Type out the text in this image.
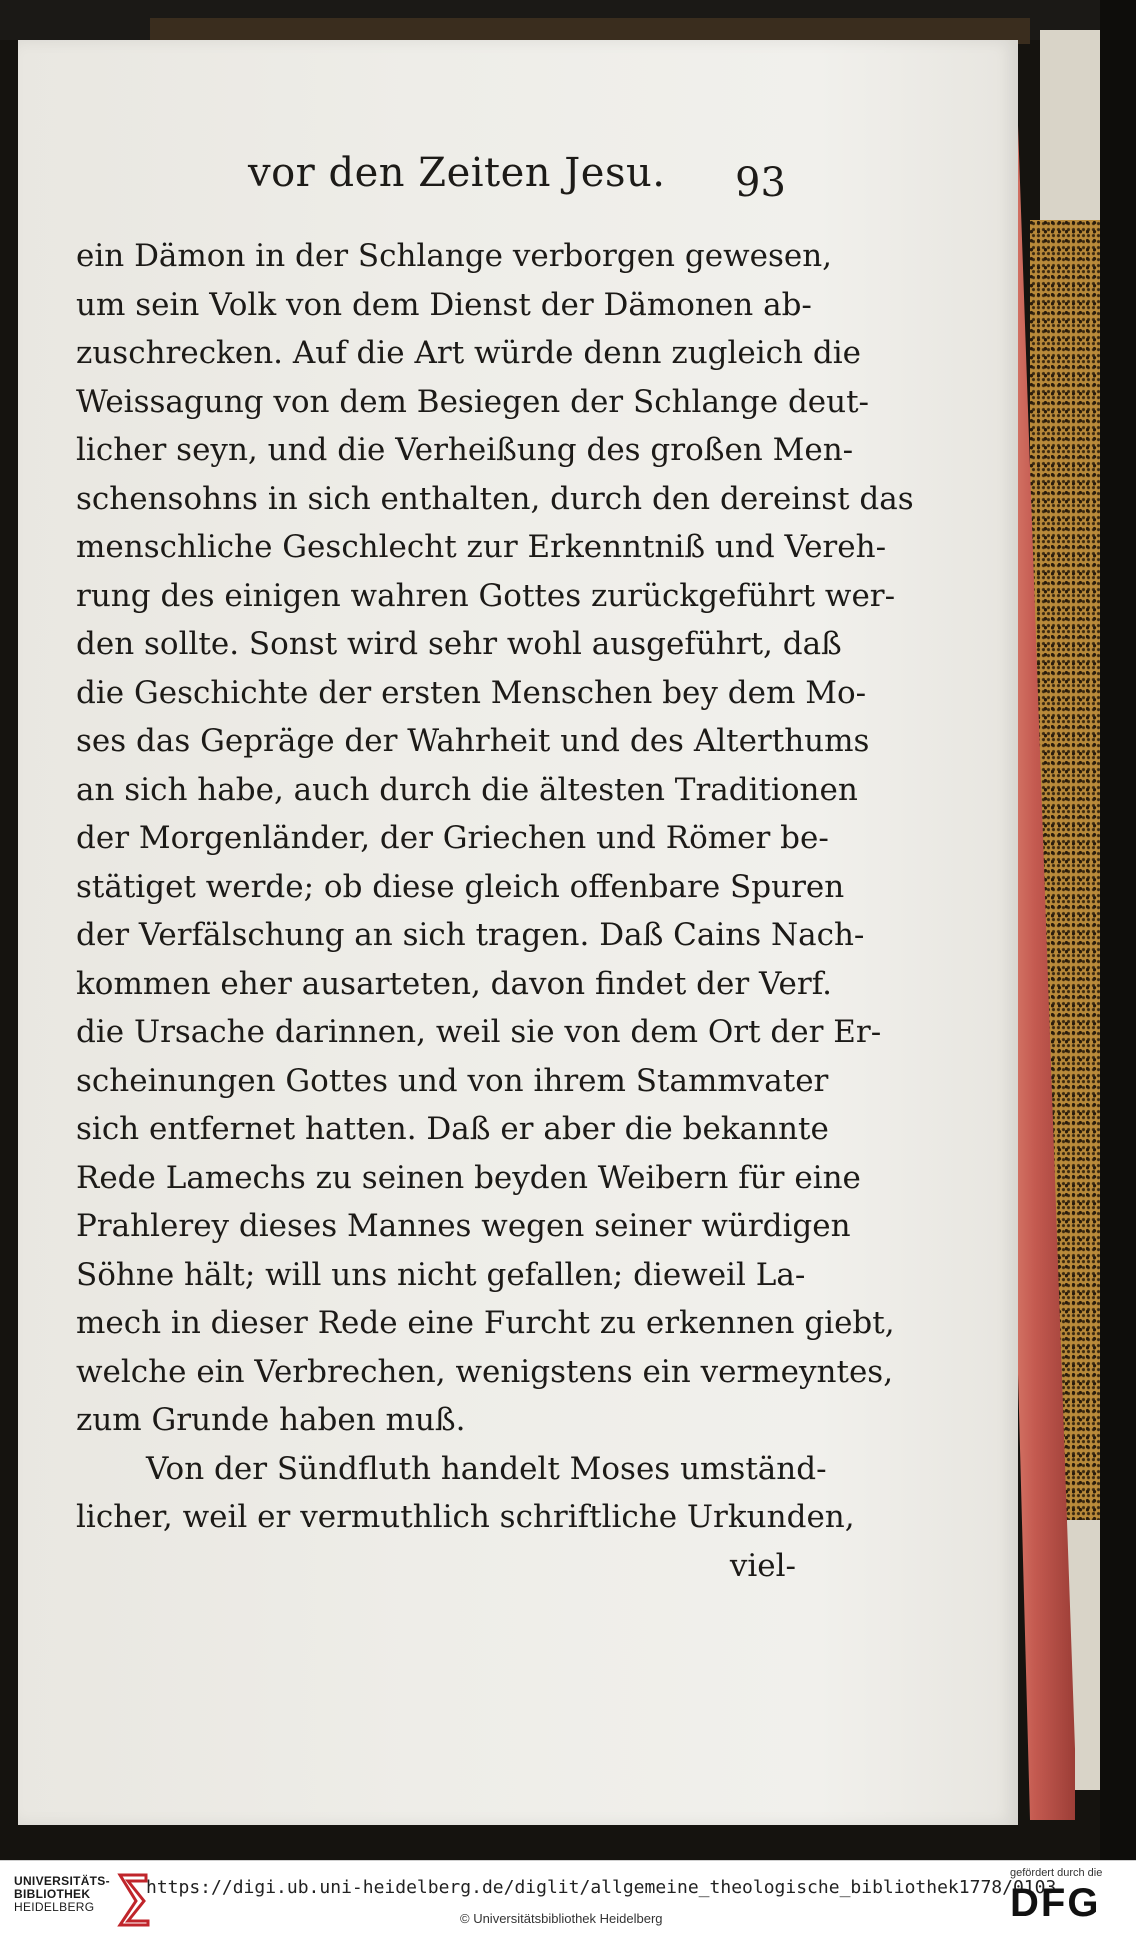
vor den Zeiten Jesu. 93
ein Dämon in der Schlange verborgen gewesen,
um sein Volk von dem Dienst der Dämonen ab-
zuschrecken. Auf die Art würde denn zugleich die
Weissagung von dem Besiegen der Schlange deut-
licher seyn, und die Verheißung des großen Men-
schensohns in sich enthalten, durch den dereinst das
menschliche Geschlecht zur Erkenntniß und Vereh-
rung des einigen wahren Gottes zurückgeführt wer-
den sollte. Sonst wird sehr wohl ausgeführt, daß
die Geschichte der ersten Menschen bey dem Mo-
ses das Gepräge der Wahrheit und des Alterthums
an sich habe, auch durch die ältesten Traditionen
der Morgenländer, der Griechen und Römer be-
stätiget werde; ob diese gleich offenbare Spuren
der Verfälschung an sich tragen. Daß Cains Nach-
kommen eher ausarteten, davon findet der Verf.
die Ursache darinnen, weil sie von dem Ort der Er-
scheinungen Gottes und von ihrem Stammvater
sich entfernet hatten. Daß er aber die bekannte
Rede Lamechs zu seinen beyden Weibern für eine
Prahlerey dieses Mannes wegen seiner würdigen
Söhne hält; will uns nicht gefallen; dieweil La-
mech in dieser Rede eine Furcht zu erkennen giebt,
welche ein Verbrechen, wenigstens ein vermeyntes,
zum Grunde haben muß.
Von der Sündfluth handelt Moses umständ-
licher, weil er vermuthlich schriftliche Urkunden,
viel-
UNIVERSITÄTS-
BIBLIOTHEK
HEIDELBERG
https://digi.ub.uni-heidelberg.de/diglit/allgemeine_theologische_bibliothek1778/0103
© Universitätsbibliothek Heidelberg
gefördert durch die
DFG
